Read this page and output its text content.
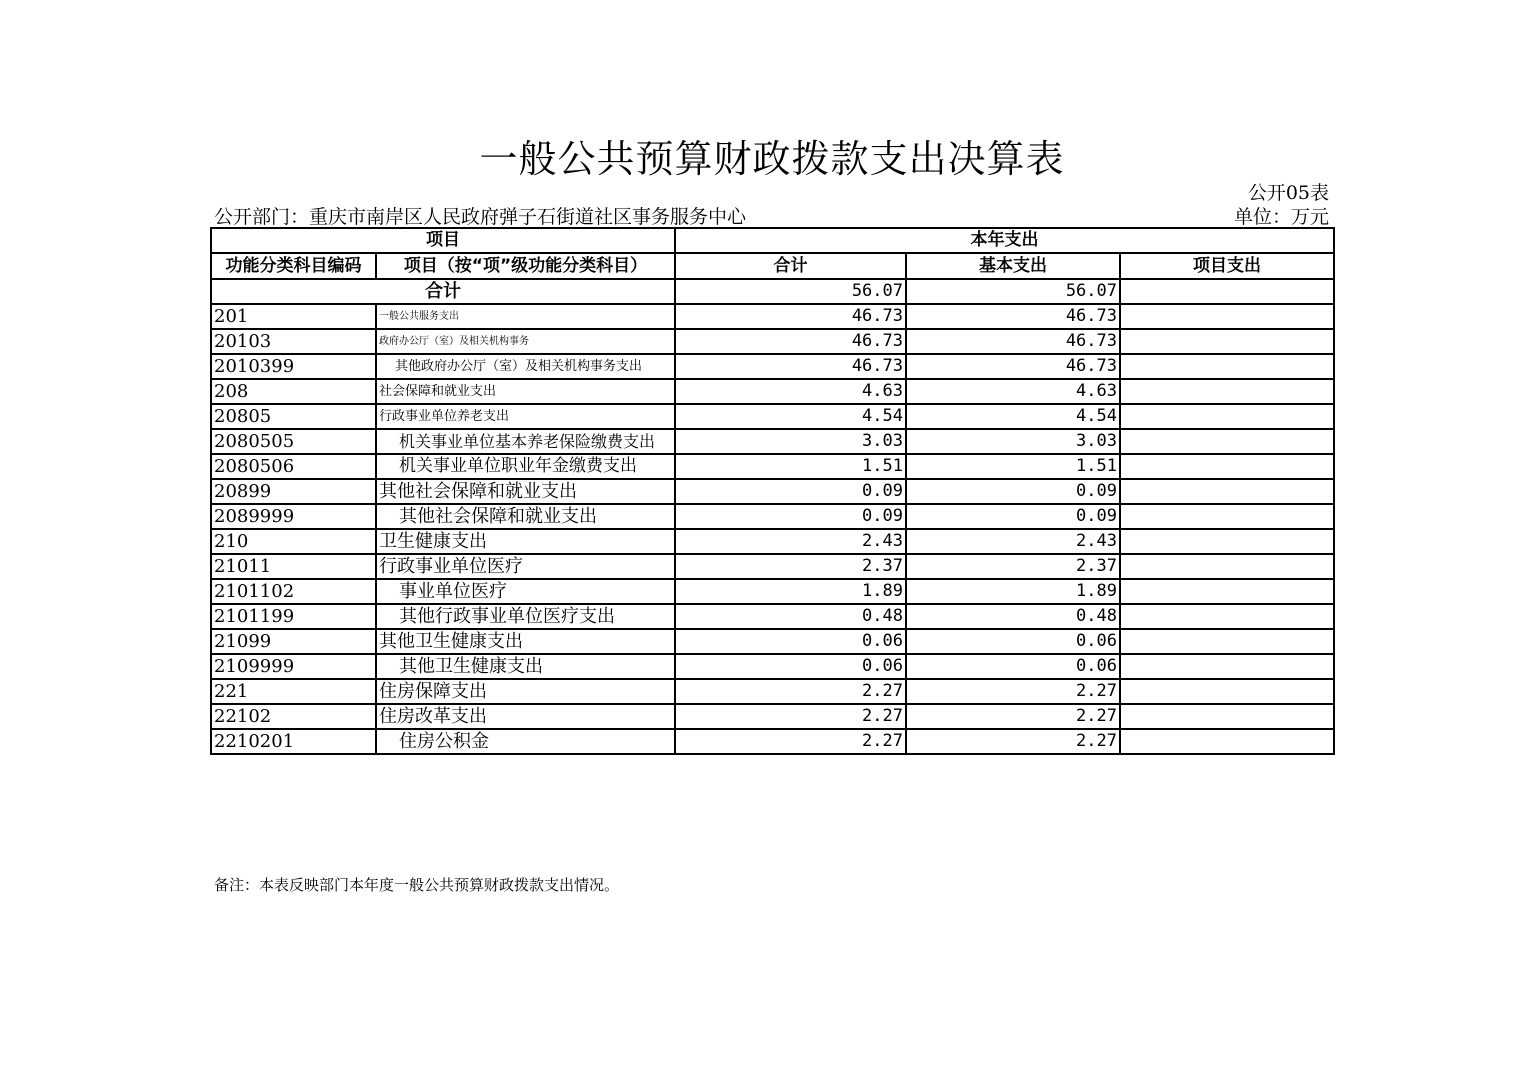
一般公共预算财政拨款支出决算表
公开05表
公开部门：重庆市南岸区人民政府弹子石街道社区事务服务中心	单位：万元
项目		本年支出		
功能分类科目编码	项目（按“项”级功能分类科目）	合计	基本支出	项目支出
合计		56.07	56.07	
201	一般公共服务支出	46.73	46.73	
20103	政府办公厅（室）及相关机构事务	46.73	46.73	
2010399	其他政府办公厅（室）及相关机构事务支出	46.73	46.73	
208	社会保障和就业支出	4.63	4.63	
20805	行政事业单位养老支出	4.54	4.54	
2080505	机关事业单位基本养老保险缴费支出	3.03	3.03	
2080506	机关事业单位职业年金缴费支出	1.51	1.51	
20899	其他社会保障和就业支出	0.09	0.09	
2089999	其他社会保障和就业支出	0.09	0.09	
210	卫生健康支出	2.43	2.43	
21011	行政事业单位医疗	2.37	2.37	
2101102	事业单位医疗	1.89	1.89	
2101199	其他行政事业单位医疗支出	0.48	0.48	
21099	其他卫生健康支出	0.06	0.06	
2109999	其他卫生健康支出	0.06	0.06	
221	住房保障支出	2.27	2.27	
22102	住房改革支出	2.27	2.27	
2210201	住房公积金	2.27	2.27	
备注：本表反映部门本年度一般公共预算财政拨款支出情况。
